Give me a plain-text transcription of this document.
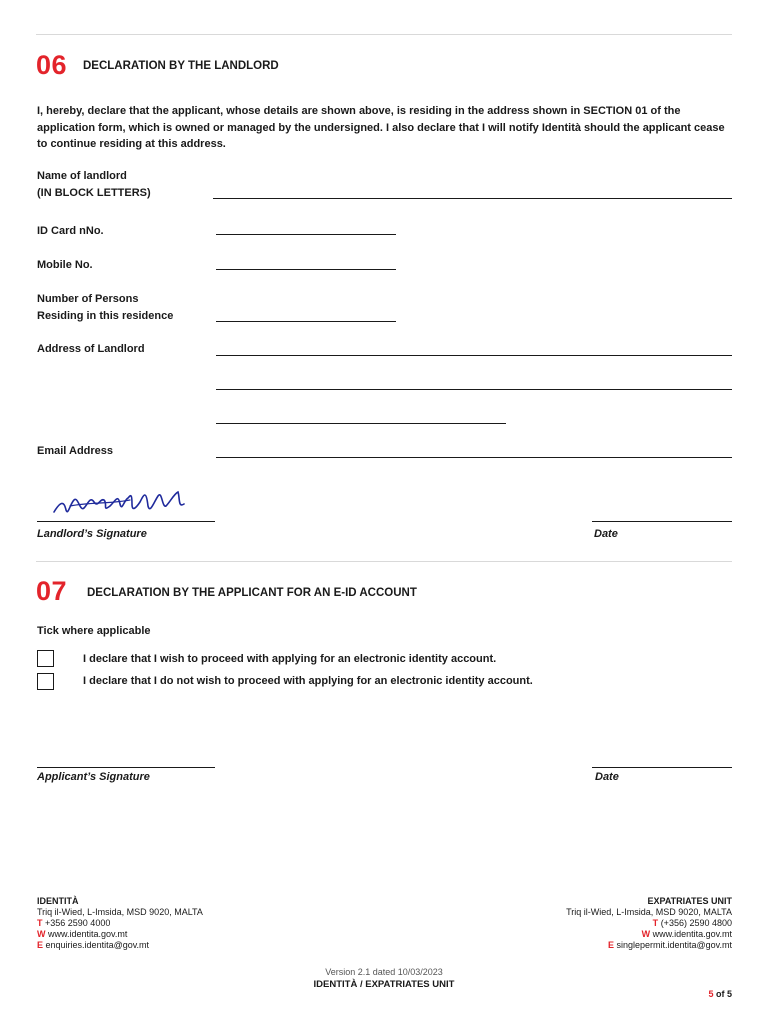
06 DECLARATION BY THE LANDLORD
I, hereby, declare that the applicant, whose details are shown above, is residing in the address shown in SECTION 01 of the application form, which is owned or managed by the undersigned. I also declare that I will notify Identità should the applicant cease to continue residing at this address.
Name of landlord
(IN BLOCK LETTERS)
ID Card nNo.
Mobile No.
Number of Persons
Residing in this residence
Address of Landlord
Email Address
Landlord’s Signature	Date
07 DECLARATION BY THE APPLICANT FOR AN E-ID ACCOUNT
Tick where applicable
I declare that I wish to proceed with applying for an electronic identity account.
I declare that I do not wish to proceed with applying for an electronic identity account.
Applicant’s Signature	Date
IDENTITÀ
Triq il-Wied, L-Imsida, MSD 9020, MALTA
T +356 2590 4000
W www.identita.gov.mt
E enquiries.identita@gov.mt
EXPATRIATES UNIT
Triq il-Wied, L-Imsida, MSD 9020, MALTA
T (+356) 2590 4800
W www.identita.gov.mt
E singlepermit.identita@gov.mt
Version 2.1 dated 10/03/2023
IDENTITÀ / EXPATRIATES UNIT
5 of 5
